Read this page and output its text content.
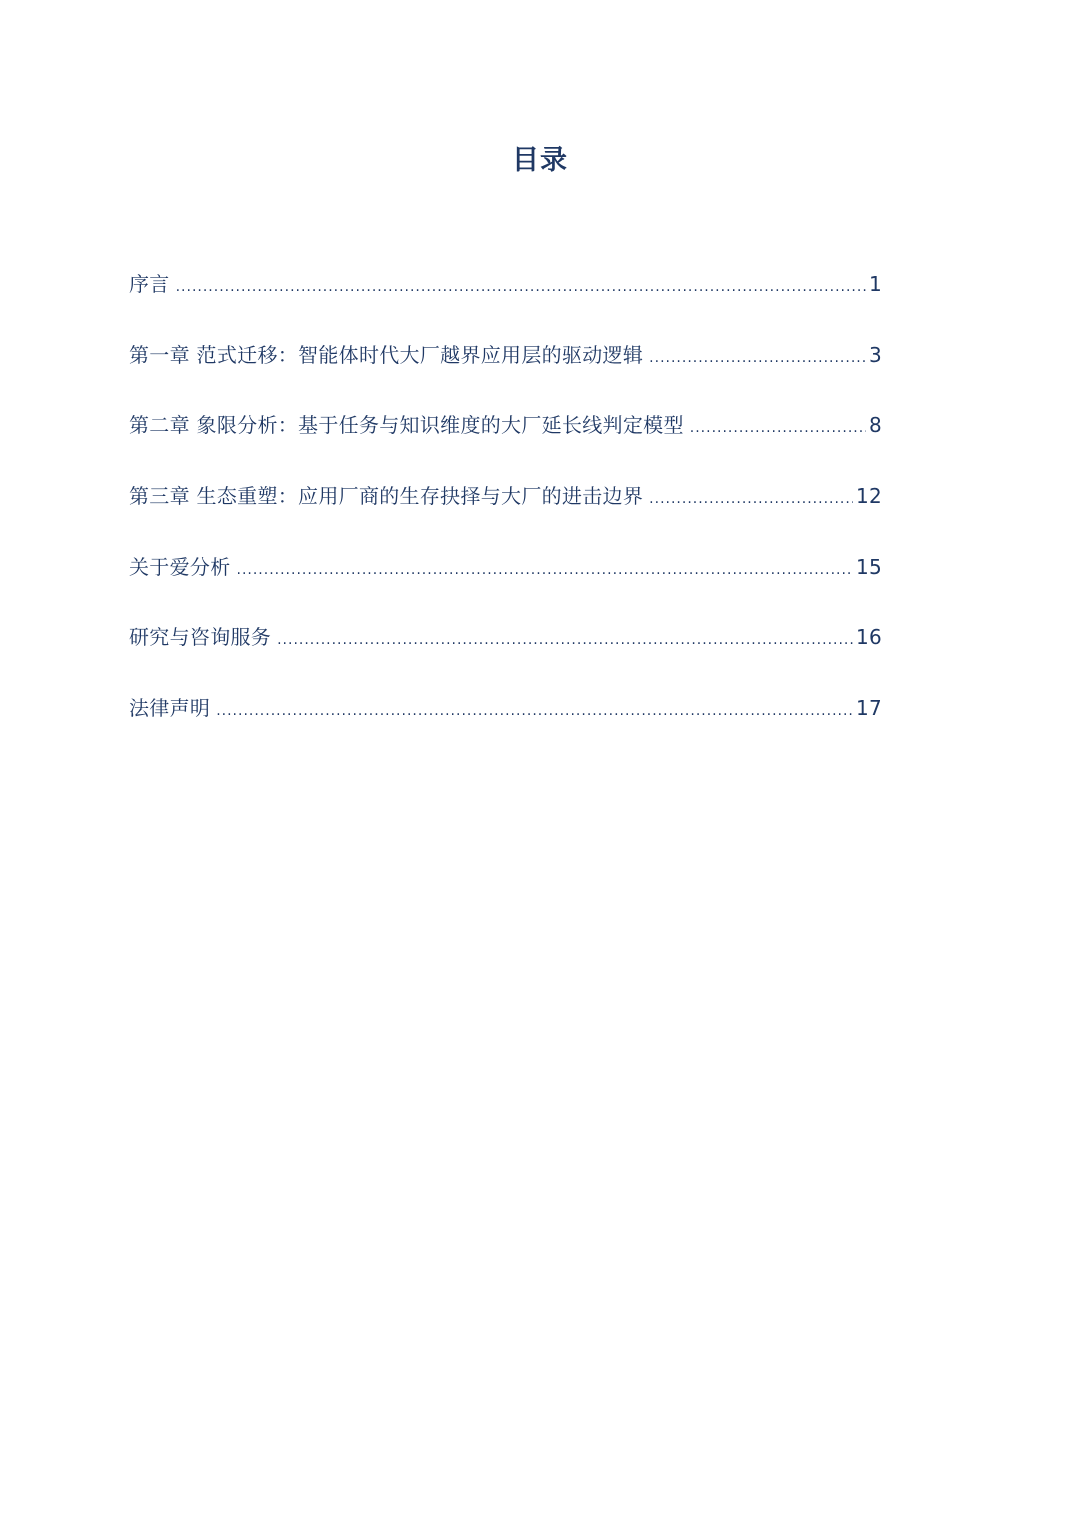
目录
序言 .....	1
第一章 范式迁移：智能体时代大厂越界应用层的驱动逻辑 .....	3
第二章 象限分析：基于任务与知识维度的大厂延长线判定模型 .....	8
第三章 生态重塑：应用厂商的生存抉择与大厂的进击边界 .....	12
关于爱分析 .....	15
研究与咨询服务 .....	16
法律声明 .....	17
